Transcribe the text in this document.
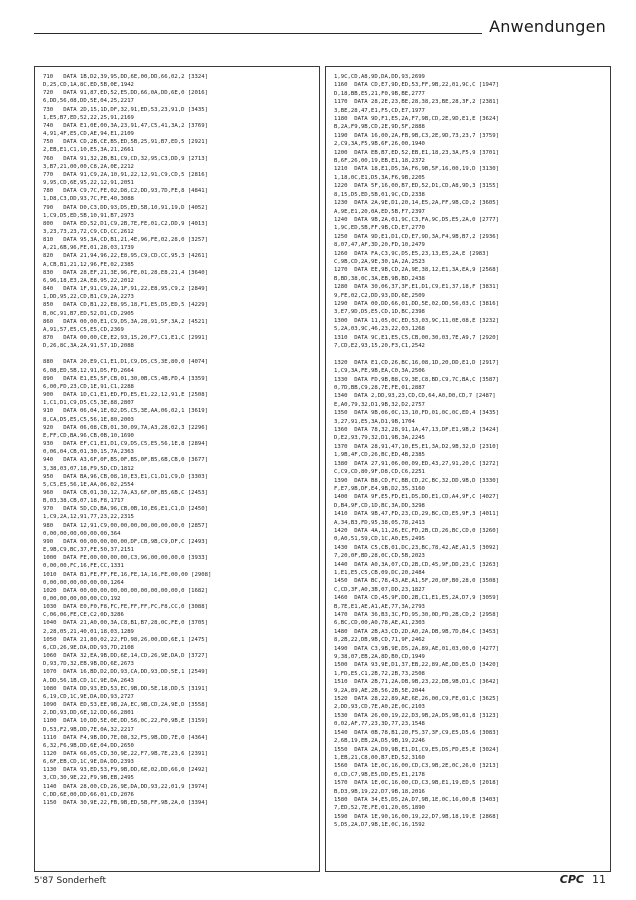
Anwendungen
710   DATA 1B,D2,39,95,DD,6E,00,DD,66,02,2 [3324]
D,25,CD,1A,8C,ED,5B,0E,1942
720   DATA 91,87,ED,52,E5,DD,66,0A,DD,6E,0 [2016]
6,DD,56,08,DD,5E,04,25,2217
730   DATA 2D,15,1D,DF,32,91,ED,53,23,91,D [3435]
1,E5,B7,ED,52,22,25,91,2169
740   DATA E1,0E,00,3A,23,91,47,C5,41,3A,2 [3769]
4,91,4F,E5,CD,AE,94,E1,2109
750   DATA CD,2B,CE,B5,ED,5B,25,91,B7,ED,5 [2921]
2,EB,E1,C1,10,E5,3A,21,2661
760   DATA 91,32,2B,B1,C9,CD,32,95,C3,DD,9 [2713]
3,B7,21,00,00,C8,2A,0E,2212
770   DATA 91,C9,2A,10,91,22,12,91,C9,CD,5 [2816]
9,95,CD,6E,95,22,12,91,2051
780   DATA C9,7C,FE,02,D8,C2,DD,93,7D,FE,8 [4841]
1,D8,C3,DD,93,7C,FE,40,3088
790   DATA D0,C3,DD,93,D5,ED,5B,10,91,19,D [4052]
1,C9,D5,ED,5B,10,91,B7,2973
800   DATA ED,52,D1,C9,2B,7E,FE,01,C2,DD,9 [4013]
3,23,73,23,72,C9,CD,CC,2612
810   DATA 95,3A,CD,B1,21,4E,96,FE,02,28,0 [3257]
A,21,6B,96,FE,01,28,03,1739
820   DATA 21,94,96,22,E8,95,C9,CD,CC,95,3 [4261]
A,CB,B1,21,12,96,FE,02,2385
830   DATA 28,EF,21,3E,96,FE,01,28,E8,21,4 [3640]
6,96,18,E3,2A,E8,95,22,2012
840   DATA 1F,91,C9,2A,1F,91,22,E8,95,C9,2 [2849]
1,DD,95,22,CD,B1,C9,2A,2273
850   DATA CD,B1,22,E8,95,18,F1,E5,D5,ED,5 [4229]
B,0C,91,B7,ED,52,D1,CD,2905
860   DATA 00,00,E1,C9,D5,3A,28,91,5F,3A,2 [4521]
A,91,57,E5,C5,E5,CD,2369
870   DATA 00,00,CE,E2,93,15,20,F7,C1,E1,C [2991]
D,26,8C,3A,2A,91,57,1D,2088

880   DATA 20,E9,C1,E1,D1,C9,D5,C5,3E,80,0 [4074]
6,08,ED,5B,12,91,D5,FD,2664
890   DATA E1,E5,5F,CB,01,30,0B,C5,4B,FD,4 [3359]
6,00,FD,23,CD,1E,91,C1,2288
900   DATA 1D,C1,E1,ED,FD,E5,E1,22,12,91,E [2508]
1,C1,D1,C9,D5,C5,3E,88,2807
910   DATA 06,04,1E,02,D5,C5,3E,AA,06,02,1 [3619]
8,CA,D5,E5,C5,56,1E,80,2003
920   DATA 06,08,CB,01,30,09,7A,A3,28,02,3 [2296]
E,FF,CD,BA,96,CB,0B,10,1690
930   DATA EF,C1,E1,D1,C9,D5,C5,E5,56,1E,8 [2894]
0,06,04,CB,01,30,15,7A,2363
940   DATA A3,6F,0F,B5,0F,B5,0F,B5,6B,CB,0 [3677]
3,38,03,07,18,F9,5D,CD,1812
950   DATA BA,96,CB,08,10,E3,E1,C1,D1,C9,D [3303]
5,C5,E5,56,1E,AA,06,02,2554
960   DATA CB,01,30,12,7A,A3,6F,0F,B5,6B,C [2453]
B,03,38,CB,07,18,F8,1717
970   DATA 5D,CD,BA,96,CB,0B,10,E6,E1,C1,D [2450]
1,C9,2A,12,91,77,23,22,2315
980   DATA 12,91,C9,00,00,00,00,00,00,00,0 [2857]
0,00,00,00,00,00,00,364
990   DATA 00,00,00,00,00,DF,CB,9B,C9,DF,C [2493]
E,9B,C9,BC,37,FE,50,37,2151
1000  DATA FE,00,00,00,00,C3,96,00,00,00,0 [3933]
0,00,00,FC,16,FE,CC,1331
1010  DATA B1,FE,FF,FE,16,FE,1A,16,FE,00,00 [2908]
0,00,00,00,00,00,00,1264
1020  DATA 00,00,00,00,00,00,00,00,00,00,0 [1682]
0,00,00,00,00,00,CO,192
1030  DATA E0,F0,F8,FC,FE,FF,FF,FC,F8,CC,0 [3088]
C,06,06,FE,CE,C2,0D,3286
1040  DATA 21,A0,00,3A,C8,B1,B7,28,0C,FE,0 [3705]
2,28,05,21,40,01,18,03,1289
1050  DATA 21,80,02,22,FD,98,26,00,DD,6E,1 [2475]
6,CD,26,9E,DA,DD,93,7D,2108
1060  DATA 32,EA,9B,DD,6E,14,CD,26,9E,DA,D [3727]
D,93,7D,32,EB,9B,DD,6E,2673
1070  DATA 16,BD,D2,DD,93,CA,DD,93,DD,5E,1 [2549]
A,DD,56,1B,CD,1C,9E,DA,2643
1080  DATA DD,93,ED,53,EC,9B,DD,5E,18,DD,5 [3191]
6,19,CD,1C,9E,DA,DD,93,2727
1090  DATA ED,53,EE,9B,2A,EC,9B,CD,2A,9E,D [3558]
2,DD,93,DD,6E,12,DD,66,2801
1100  DATA 10,DD,5E,0E,DD,56,0C,22,F0,9B,E [3159]
D,53,F2,9B,DD,7E,0A,32,2217
1110  DATA F4,9B,DD,7E,08,32,F5,9B,DD,7E,0 [4364]
6,32,F6,9B,DD,6E,04,DD,2650
1120  DATA 66,05,CD,30,9E,22,F7,9B,7E,23,6 [2391]
6,6F,EB,CD,1C,9E,DA,DD,2393
1130  DATA 93,ED,53,F9,9B,DD,6E,02,DD,66,0 [2492]
3,CD,30,9E,22,F9,9B,EB,2495
1140  DATA 28,00,CD,26,9E,DA,DD,93,22,01,9 [3974]
C,DD,6E,00,DD,66,01,CD,2076
1150  DATA 30,9E,22,FB,9B,ED,5B,FF,9B,2A,0 [3394]
1,9C,CD,A8,9D,DA,DD,93,2699
1160  DATA CD,E7,9D,ED,53,FF,9B,22,01,9C,C [1947]
D,18,BB,E5,21,F0,9B,BE,2777
1170  DATA 28,2E,23,BE,28,38,23,BE,28,3F,2 [2381]
3,BE,28,47,E1,F5,CD,E7,1977
1180  DATA 9D,F1,E5,2A,F7,9B,CD,2E,9D,E1,E [3624]
B,2A,F9,9B,CD,2E,9D,5F,2888
1190  DATA 16,00,2A,FB,9B,C3,2E,9D,73,23,7 [3759]
2,C9,3A,F5,9B,6F,26,00,1940
1200  DATA EB,B7,ED,52,EB,E1,18,23,3A,F5,9 [3701]
B,6F,26,00,19,EB,E1,18,2372
1210  DATA 18,E1,D5,3A,F6,9B,5F,16,00,19,D [3130]
1,18,0C,E1,D5,3A,F6,9B,2205
1220  DATA 5F,16,00,B7,ED,52,D1,CD,A8,9D,3 [3155]
8,15,D5,ED,5B,01,9C,CD,2338
1230  DATA 2A,9E,D1,20,14,E5,2A,FF,9B,CD,2 [3605]
A,9E,E1,20,0A,ED,5B,F7,2397
1240  DATA 9B,2A,01,9C,C3,FA,9C,D5,E5,2A,0 [2777]
1,9C,ED,5B,FF,9B,CD,E7,2770
1250  DATA 9D,E1,D1,CD,E7,9D,3A,F4,9B,B7,2 [2936]
8,07,47,AF,3D,20,FD,10,2479
1260  DATA FA,C3,9C,D5,E5,23,13,E5,2A,E [2983]
C,9B,CD,2A,9E,30,1A,2A,2523
1270  DATA EE,9B,CD,2A,9E,38,12,E1,3A,EA,9 [2568]
B,BD,38,0C,3A,EB,9B,BD,2438
1280  DATA 30,06,37,3F,E1,D1,C9,E1,37,18,F [3831]
9,FE,02,C2,DD,93,DD,6E,2509
1290  DATA 00,DD,66,01,DD,5E,02,DD,56,03,C [3816]
3,E7,9D,D5,E5,CD,1D,BC,2398
1300  DATA 11,05,0C,ED,53,03,9C,11,0E,08,E [3232]
5,2A,03,9C,46,23,22,03,1268
1310  DATA 9C,E1,E5,C5,CB,00,30,03,7E,A9,7 [2920]
7,CD,E2,93,15,20,F3,C1,2542

1320  DATA E1,CD,26,BC,16,08,1D,20,DD,E1,D [2917]
1,C9,3A,FE,9B,EA,C0,3A,2506
1330  DATA FD,9B,B8,C9,3E,C8,BD,C9,7C,BA,C [3587]
0,7D,BB,C9,28,7E,FE,01,2887
1340  DATA 2,DD,93,23,CD,CD,64,A0,D0,CD,7 [2487]
E,A0,79,32,D1,9B,32,D2,2757
1350  DATA 9B,06,0C,13,10,FD,01,0C,0C,ED,4 [3435]
3,27,91,E5,3A,D1,9B,1704
1360  DATA 78,32,28,91,1A,47,13,DF,E1,9B,2 [3424]
D,E2,93,79,32,D1,9B,3A,2245
1370  DATA 28,91,47,10,E5,E1,3A,D2,9B,32,D [2310]
1,9B,4F,CD,26,BC,ED,4B,2385
1380  DATA 27,91,06,00,09,ED,43,27,91,20,C [3272]
C,C9,CD,80,9F,D8,CD,C6,2251
1390  DATA B8,CD,FC,BB,CD,2C,BC,32,DD,9B,D [3330]
F,E7,9B,DF,E4,9B,D2,35,3160
1400  DATA 9F,E5,FD,E1,D5,DD,E1,CD,A4,9F,C [4027]
D,B4,9F,CD,1D,BC,3A,DD,3298
1410  DATA 9B,47,FD,23,CD,29,BC,CD,E5,9F,3 [4011]
A,34,B3,FD,95,38,05,78,2413
1420  DATA 4A,11,26,EC,FD,2B,CD,26,BC,CD,0 [3260]
0,A0,51,59,CD,1C,A0,E5,2495
1430  DATA C5,CB,01,DC,23,BC,78,42,AE,A1,5 [3092]
7,20,0F,BD,28,0C,CD,5B,2023
1440  DATA A0,3A,07,CD,2B,CD,45,9F,DD,23,C [3263]
1,E1,E5,C5,CB,09,DC,20,2484
1450  DATA BC,78,43,AE,A1,5F,20,0F,B0,28,0 [3508]
C,CD,3F,A0,3B,07,DD,23,1827
1460  DATA CD,45,9F,DD,2B,C1,E1,E5,2A,D7,9 [3059]
B,7E,E1,AE,A1,AE,77,3A,2793
1470  DATA 36,B3,3C,FD,95,30,0D,FD,2B,CD,2 [2958]
6,BC,CD,00,A0,78,AE,A1,2303
1480  DATA 2B,A3,CD,2D,A0,2A,DB,9B,7D,B4,C [3453]
8,2B,22,DB,9B,CD,71,9F,2462
1490  DATA C3,9B,9E,D5,2A,89,AE,01,03,00,0 [4277]
9,38,07,EB,2A,8D,B0,CD,1949
1500  DATA 93,9E,D1,37,EB,22,89,AE,DD,E5,D [3420]
1,FD,E5,C1,2B,72,2B,73,2508
1510  DATA 2B,71,2A,DB,9B,23,22,DB,9B,D1,C [3642]
9,2A,89,AE,2B,56,2B,5E,2044
1520  DATA 28,22,89,AE,6E,26,00,C9,FE,01,C [3625]
2,DD,93,CD,7E,A0,2E,0C,2103
1530  DATA 26,00,19,22,D3,9B,2A,D5,9B,01,8 [3123]
0,02,AF,77,23,3D,77,23,1548
1540  DATA 0B,78,B1,20,F5,37,3F,C9,E5,D5,6 [3083]
2,6B,19,EB,2A,D5,9B,19,2246
1550  DATA 2A,D9,9B,E1,D1,C9,E5,D5,FD,E5,E [3024]
1,EB,21,C8,00,B7,ED,52,3160
1560  DATA 1E,0C,16,00,CD,C3,9B,2E,0C,26,0 [3213]
0,CD,C7,9B,E5,DD,E5,E1,2178
1570  DATA 1E,0C,16,00,CD,C3,9B,E1,19,ED,5 [2018]
B,D3,9B,19,22,D7,9B,18,2016
1580  DATA 34,E5,D5,2A,D7,9B,1E,0C,16,00,B [3403]
7,ED,52,7E,FE,01,20,05,1890
1590  DATA 1E,90,16,00,19,22,D7,9B,18,19,E [2868]
5,D5,2A,D7,9B,1E,0C,16,1592
5'87 Sonderheft	CPC 11
